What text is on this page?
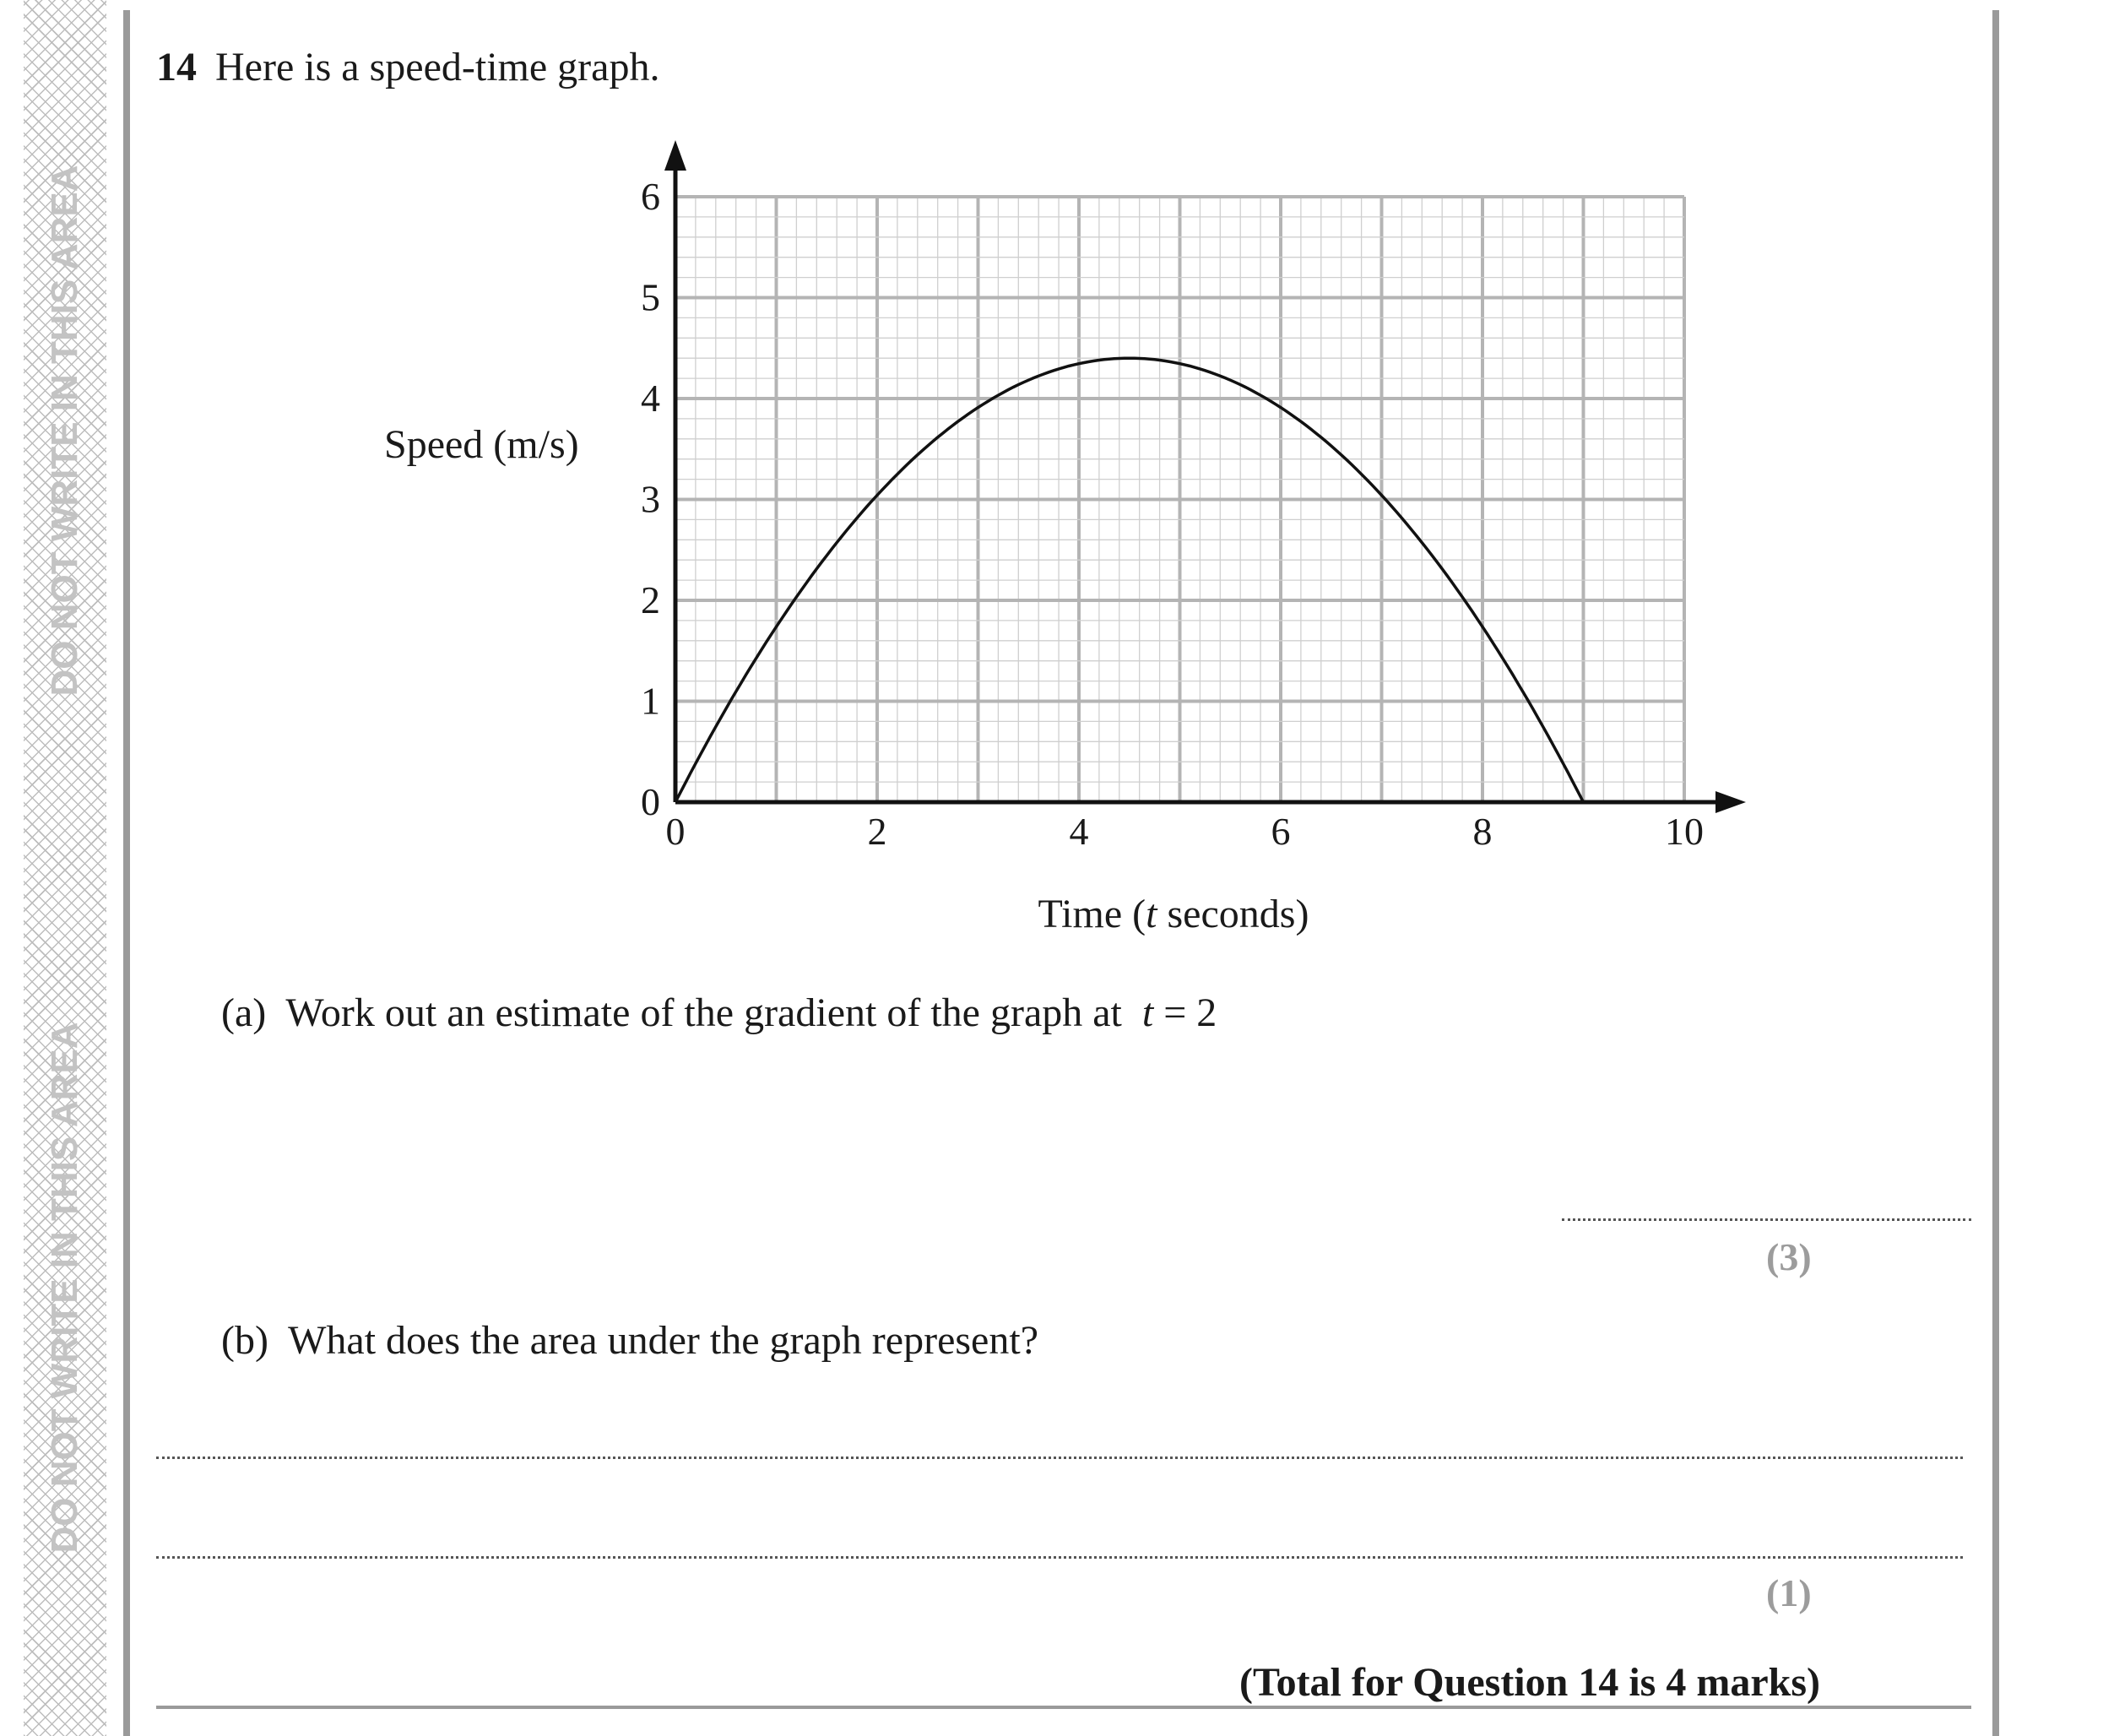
DO NOT WRITE IN THIS AREA
DO NOT WRITE IN THIS AREA
14 Here is a speed-time graph.
0	2	4	6	8	10
0
1
2
3
4
5
6
Speed (m/s)
Time (t seconds)
(a) Work out an estimate of the gradient of the graph at t = 2
(3)
(b) What does the area under the graph represent?
(1)
(Total for Question 14 is 4 marks)
